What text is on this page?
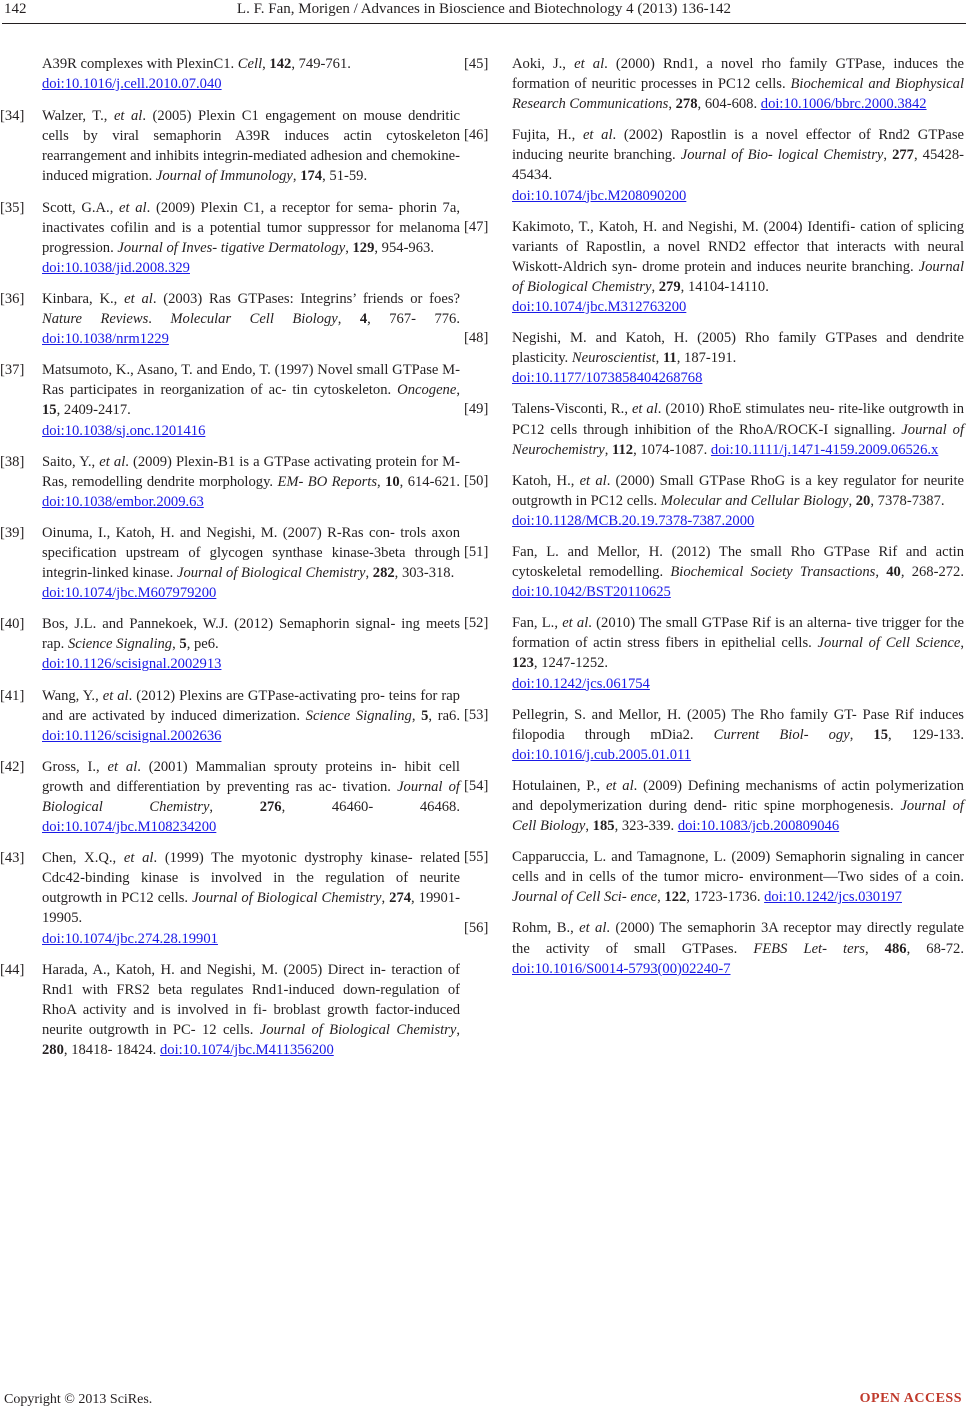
142	L. F. Fan, Morigen / Advances in Bioscience and Biotechnology 4 (2013) 136-142
A39R complexes with PlexinC1. Cell, 142, 749-761.
doi:10.1016/j.cell.2010.07.040
[34] Walzer, T., et al. (2005) Plexin C1 engagement on mouse dendritic cells by viral semaphorin A39R induces actin cytoskeleton rearrangement and inhibits integrin-mediated adhesion and chemokine-induced migration. Journal of Immunology, 174, 51-59.
[35] Scott, G.A., et al. (2009) Plexin C1, a receptor for sema- phorin 7a, inactivates cofilin and is a potential tumor suppressor for melanoma progression. Journal of Inves- tigative Dermatology, 129, 954-963.
doi:10.1038/jid.2008.329
[36] Kinbara, K., et al. (2003) Ras GTPases: Integrins’ friends or foes? Nature Reviews. Molecular Cell Biology, 4, 767- 776. doi:10.1038/nrm1229
[37] Matsumoto, K., Asano, T. and Endo, T. (1997) Novel small GTPase M-Ras participates in reorganization of ac- tin cytoskeleton. Oncogene, 15, 2409-2417.
doi:10.1038/sj.onc.1201416
[38] Saito, Y., et al. (2009) Plexin-B1 is a GTPase activating protein for M-Ras, remodelling dendrite morphology. EM- BO Reports, 10, 614-621. doi:10.1038/embor.2009.63
[39] Oinuma, I., Katoh, H. and Negishi, M. (2007) R-Ras con- trols axon specification upstream of glycogen synthase kinase-3beta through integrin-linked kinase. Journal of Biological Chemistry, 282, 303-318.
doi:10.1074/jbc.M607979200
[40] Bos, J.L. and Pannekoek, W.J. (2012) Semaphorin signal- ing meets rap. Science Signaling, 5, pe6.
doi:10.1126/scisignal.2002913
[41] Wang, Y., et al. (2012) Plexins are GTPase-activating pro- teins for rap and are activated by induced dimerization. Science Signaling, 5, ra6. doi:10.1126/scisignal.2002636
[42] Gross, I., et al. (2001) Mammalian sprouty proteins in- hibit cell growth and differentiation by preventing ras ac- tivation. Journal of Biological Chemistry, 276, 46460- 46468. doi:10.1074/jbc.M108234200
[43] Chen, X.Q., et al. (1999) The myotonic dystrophy kinase- related Cdc42-binding kinase is involved in the regulation of neurite outgrowth in PC12 cells. Journal of Biological Chemistry, 274, 19901-19905.
doi:10.1074/jbc.274.28.19901
[44] Harada, A., Katoh, H. and Negishi, M. (2005) Direct in- teraction of Rnd1 with FRS2 beta regulates Rnd1-induced down-regulation of RhoA activity and is involved in fi- broblast growth factor-induced neurite outgrowth in PC- 12 cells. Journal of Biological Chemistry, 280, 18418- 18424. doi:10.1074/jbc.M411356200
[45] Aoki, J., et al. (2000) Rnd1, a novel rho family GTPase, induces the formation of neuritic processes in PC12 cells. Biochemical and Biophysical Research Communications, 278, 604-608. doi:10.1006/bbrc.2000.3842
[46] Fujita, H., et al. (2002) Rapostlin is a novel effector of Rnd2 GTPase inducing neurite branching. Journal of Bio- logical Chemistry, 277, 45428-45434.
doi:10.1074/jbc.M208090200
[47] Kakimoto, T., Katoh, H. and Negishi, M. (2004) Identifi- cation of splicing variants of Rapostlin, a novel RND2 effector that interacts with neural Wiskott-Aldrich syn- drome protein and induces neurite branching. Journal of Biological Chemistry, 279, 14104-14110.
doi:10.1074/jbc.M312763200
[48] Negishi, M. and Katoh, H. (2005) Rho family GTPases and dendrite plasticity. Neuroscientist, 11, 187-191.
doi:10.1177/1073858404268768
[49] Talens-Visconti, R., et al. (2010) RhoE stimulates neu- rite-like outgrowth in PC12 cells through inhibition of the RhoA/ROCK-I signalling. Journal of Neurochemistry, 112, 1074-1087. doi:10.1111/j.1471-4159.2009.06526.x
[50] Katoh, H., et al. (2000) Small GTPase RhoG is a key regulator for neurite outgrowth in PC12 cells. Molecular and Cellular Biology, 20, 7378-7387.
doi:10.1128/MCB.20.19.7378-7387.2000
[51] Fan, L. and Mellor, H. (2012) The small Rho GTPase Rif and actin cytoskeletal remodelling. Biochemical Society Transactions, 40, 268-272. doi:10.1042/BST20110625
[52] Fan, L., et al. (2010) The small GTPase Rif is an alterna- tive trigger for the formation of actin stress fibers in epithelial cells. Journal of Cell Science, 123, 1247-1252.
doi:10.1242/jcs.061754
[53] Pellegrin, S. and Mellor, H. (2005) The Rho family GT- Pase Rif induces filopodia through mDia2. Current Biol- ogy, 15, 129-133. doi:10.1016/j.cub.2005.01.011
[54] Hotulainen, P., et al. (2009) Defining mechanisms of actin polymerization and depolymerization during dend- ritic spine morphogenesis. Journal of Cell Biology, 185, 323-339. doi:10.1083/jcb.200809046
[55] Capparuccia, L. and Tamagnone, L. (2009) Semaphorin signaling in cancer cells and in cells of the tumor micro- environment—Two sides of a coin. Journal of Cell Sci- ence, 122, 1723-1736. doi:10.1242/jcs.030197
[56] Rohm, B., et al. (2000) The semaphorin 3A receptor may directly regulate the activity of small GTPases. FEBS Let- ters, 486, 68-72. doi:10.1016/S0014-5793(00)02240-7
Copyright © 2013 SciRes.	OPEN ACCESS
